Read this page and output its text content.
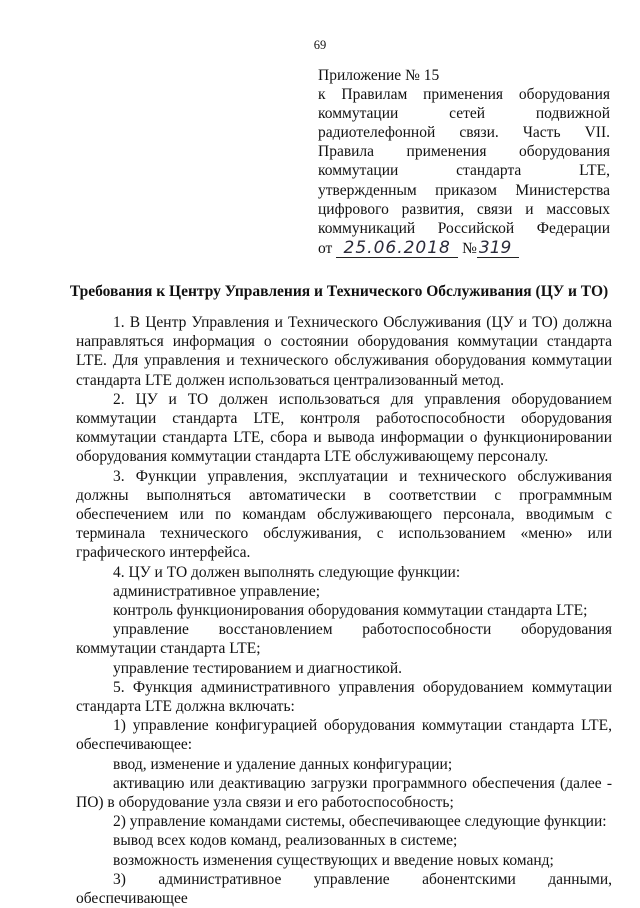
69
Приложение № 15
к Правилам применения оборудования
коммутации сетей подвижной
радиотелефонной связи. Часть VII.
Правила применения оборудования
коммутации стандарта LTE,
утвержденным приказом Министерства
цифрового развития, связи и массовых
коммуникаций Российской Федерации
от 25.06.2018 № 319
Требования к Центру Управления и Технического Обслуживания (ЦУ и ТО)

1. В Центр Управления и Технического Обслуживания (ЦУ и ТО) должна направляться информация о состоянии оборудования коммутации стандарта LTE. Для управления и технического обслуживания оборудования коммутации стандарта LTE должен использоваться централизованный метод.

2. ЦУ и ТО должен использоваться для управления оборудованием коммутации стандарта LTE, контроля работоспособности оборудования коммутации стандарта LTE, сбора и вывода информации о функционировании оборудования коммутации стандарта LTE обслуживающему персоналу.

3. Функции управления, эксплуатации и технического обслуживания должны выполняться автоматически в соответствии с программным обеспечением или по командам обслуживающего персонала, вводимым с терминала технического обслуживания, с использованием «меню» или графического интерфейса.

4. ЦУ и ТО должен выполнять следующие функции:

административное управление;

контроль функционирования оборудования коммутации стандарта LTE;

управление восстановлением работоспособности оборудования коммутации стандарта LTE;

управление тестированием и диагностикой.

5. Функция административного управления оборудованием коммутации стандарта LTE должна включать:

1) управление конфигурацией оборудования коммутации стандарта LTE, обеспечивающее:

ввод, изменение и удаление данных конфигурации;

активацию или деактивацию загрузки программного обеспечения (далее - ПО) в оборудование узла связи и его работоспособность;

2) управление командами системы, обеспечивающее следующие функции:

вывод всех кодов команд, реализованных в системе;

возможность изменения существующих и введение новых команд;

3) административное управление абонентскими данными, обеспечивающее
